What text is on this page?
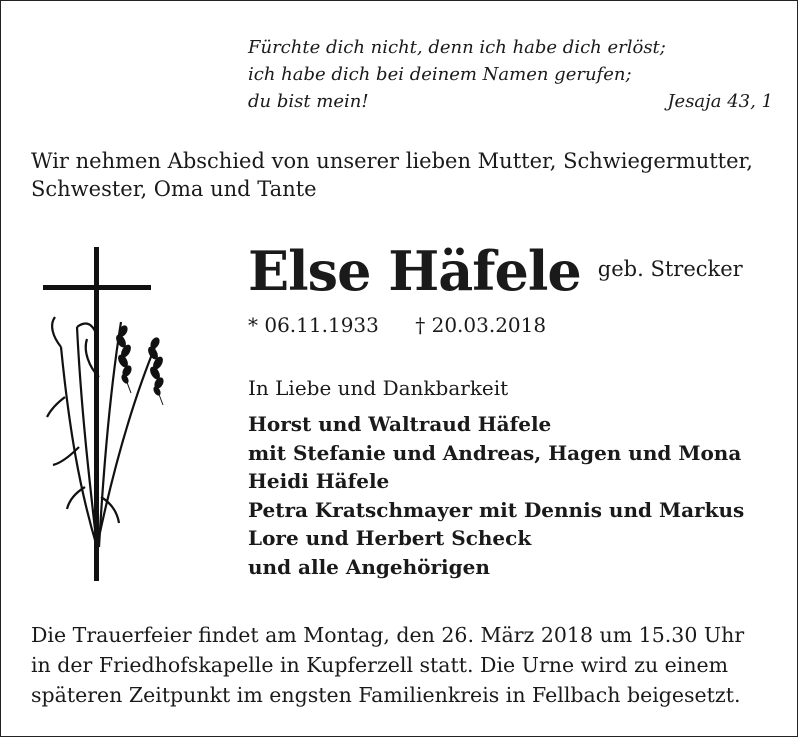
Fürchte dich nicht, denn ich habe dich erlöst;
ich habe dich bei deinem Namen gerufen;
du bist mein!	Jesaja 43, 1
Wir nehmen Abschied von unserer lieben Mutter, Schwiegermutter,
Schwester, Oma und Tante
Else Häfele geb. Strecker
* 06.11.1933 † 20.03.2018
In Liebe und Dankbarkeit
Horst und Waltraud Häfele
mit Stefanie und Andreas, Hagen und Mona
Heidi Häfele
Petra Kratschmayer mit Dennis und Markus
Lore und Herbert Scheck
und alle Angehörigen
Die Trauerfeier findet am Montag, den 26. März 2018 um 15.30 Uhr
in der Friedhofskapelle in Kupferzell statt. Die Urne wird zu einem
späteren Zeitpunkt im engsten Familienkreis in Fellbach beigesetzt.
